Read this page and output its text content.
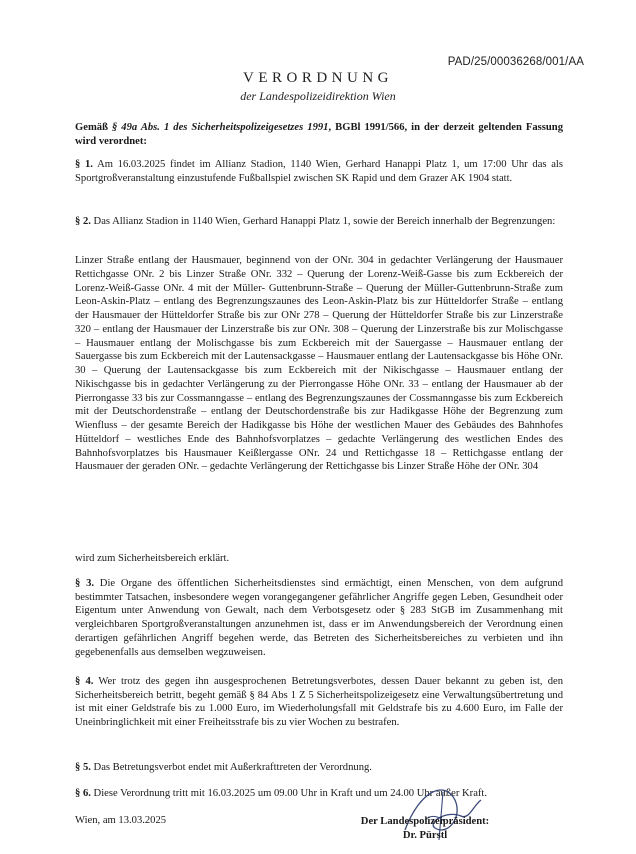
PAD/25/00036268/001/AA
VERORDNUNG
der Landespolizeidirektion Wien
Gemäß § 49a Abs. 1 des Sicherheitspolizeigesetzes 1991, BGBl 1991/566, in der derzeit geltenden Fassung wird verordnet:
§ 1. Am 16.03.2025 findet im Allianz Stadion, 1140 Wien, Gerhard Hanappi Platz 1, um 17:00 Uhr das als Sportgroßveranstaltung einzustufende Fußballspiel zwischen SK Rapid und dem Grazer AK 1904 statt.
§ 2. Das Allianz Stadion in 1140 Wien, Gerhard Hanappi Platz 1, sowie der Bereich innerhalb der Begrenzungen:
Linzer Straße entlang der Hausmauer, beginnend von der ONr. 304 in gedachter Verlängerung der Hausmauer Rettichgasse ONr. 2 bis Linzer Straße ONr. 332 – Querung der Lorenz-Weiß-Gasse bis zum Eckbereich der Lorenz-Weiß-Gasse ONr. 4 mit der Müller- Guttenbrunn-Straße – Querung der Müller-Guttenbrunn-Straße zum Leon-Askin-Platz – entlang des Begrenzungszaunes des Leon-Askin-Platz bis zur Hütteldorfer Straße – entlang der Hausmauer der Hütteldorfer Straße bis zur ONr 278 – Querung der Hütteldorfer Straße bis zur Linzerstraße 320 – entlang der Hausmauer der Linzerstraße bis zur ONr. 308 – Querung der Linzerstraße bis zur Molischgasse – Hausmauer entlang der Molischgasse bis zum Eckbereich mit der Sauergasse – Hausmauer entlang der Sauergasse bis zum Eckbereich mit der Lautensackgasse – Hausmauer entlang der Lautensackgasse bis Höhe ONr. 30 – Querung der Lautensackgasse bis zum Eckbereich mit der Nikischgasse – Hausmauer entlang der Nikischgasse bis in gedachter Verlängerung zu der Pierrongasse Höhe ONr. 33 – entlang der Hausmauer ab der Pierrongasse 33 bis zur Cossmanngasse – entlang des Begrenzungszaunes der Cossmanngasse bis zum Eckbereich mit der Deutschordenstraße – entlang der Deutschordenstraße bis zur Hadikgasse Höhe der Begrenzung zum Wienfluss – der gesamte Bereich der Hadikgasse bis Höhe der westlichen Mauer des Gebäudes des Bahnhofes Hütteldorf – westliches Ende des Bahnhofsvorplatzes – gedachte Verlängerung des westlichen Endes des Bahnhofsvorplatzes bis Hausmauer Keißlergasse ONr. 24 und Rettichgasse 18 – Rettichgasse entlang der Hausmauer der geraden ONr. – gedachte Verlängerung der Rettichgasse bis Linzer Straße Höhe der ONr. 304
wird zum Sicherheitsbereich erklärt.
§ 3. Die Organe des öffentlichen Sicherheitsdienstes sind ermächtigt, einen Menschen, von dem aufgrund bestimmter Tatsachen, insbesondere wegen vorangegangener gefährlicher Angriffe gegen Leben, Gesundheit oder Eigentum unter Anwendung von Gewalt, nach dem Verbotsgesetz oder § 283 StGB im Zusammenhang mit vergleichbaren Sportgroßveranstaltungen anzunehmen ist, dass er im Anwendungsbereich der Verordnung einen derartigen gefährlichen Angriff begehen werde, das Betreten des Sicherheitsbereiches zu verbieten und ihn gegebenenfalls aus demselben wegzuweisen.
§ 4. Wer trotz des gegen ihn ausgesprochenen Betretungsverbotes, dessen Dauer bekannt zu geben ist, den Sicherheitsbereich betritt, begeht gemäß § 84 Abs 1 Z 5 Sicherheitspolizeigesetz eine Verwaltungsübertretung und ist mit einer Geldstrafe bis zu 1.000 Euro, im Wiederholungsfall mit Geldstrafe bis zu 4.600 Euro, im Falle der Uneinbringlichkeit mit einer Freiheitsstrafe bis zu vier Wochen zu bestrafen.
§ 5. Das Betretungsverbot endet mit Außerkrafttreten der Verordnung.
§ 6. Diese Verordnung tritt mit 16.03.2025 um 09.00 Uhr in Kraft und um 24.00 Uhr außer Kraft.
Wien, am 13.03.2025	Der Landespolizeipräsident:
Dr. Pürstl
